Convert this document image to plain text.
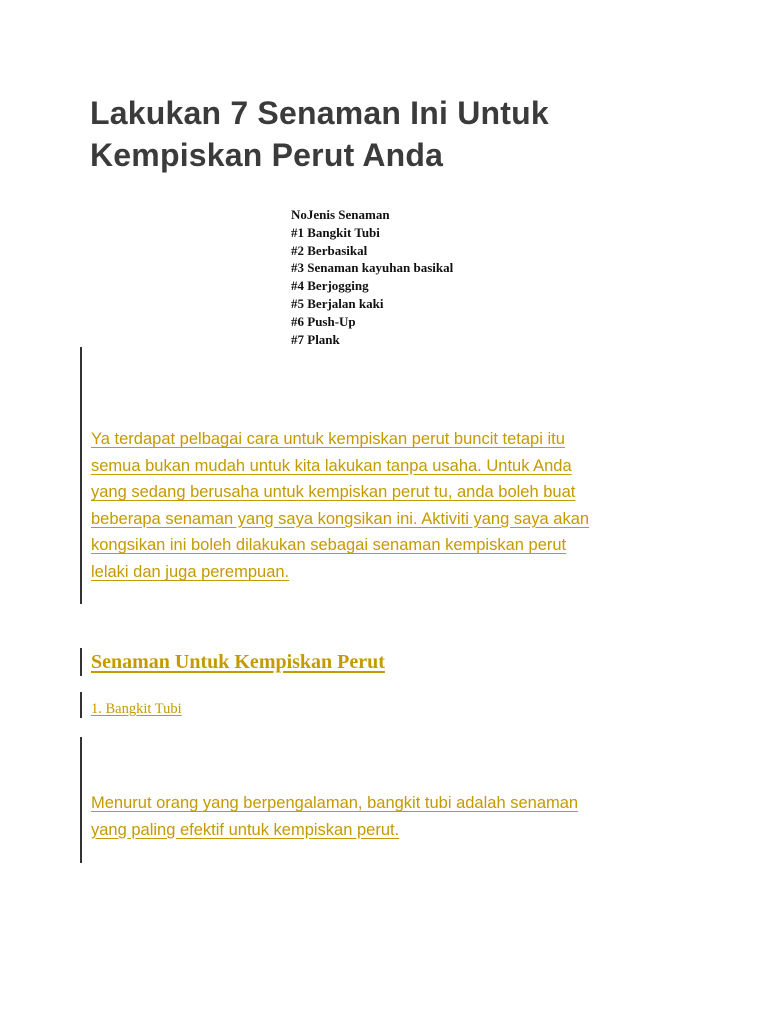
Lakukan 7 Senaman Ini Untuk
Kempiskan Perut Anda
NoJenis Senaman
#1 Bangkit Tubi
#2 Berbasikal
#3 Senaman kayuhan basikal
#4 Berjogging
#5 Berjalan kaki
#6 Push-Up
#7 Plank

Ya terdapat pelbagai cara untuk kempiskan perut buncit tetapi itu
semua bukan mudah untuk kita lakukan tanpa usaha. Untuk Anda
yang sedang berusaha untuk kempiskan perut tu, anda boleh buat
beberapa senaman yang saya kongsikan ini. Aktiviti yang saya akan
kongsikan ini boleh dilakukan sebagai senaman kempiskan perut
lelaki dan juga perempuan.

Senaman Untuk Kempiskan Perut
1. Bangkit Tubi

Menurut orang yang berpengalaman, bangkit tubi adalah senaman
yang paling efektif untuk kempiskan perut.
